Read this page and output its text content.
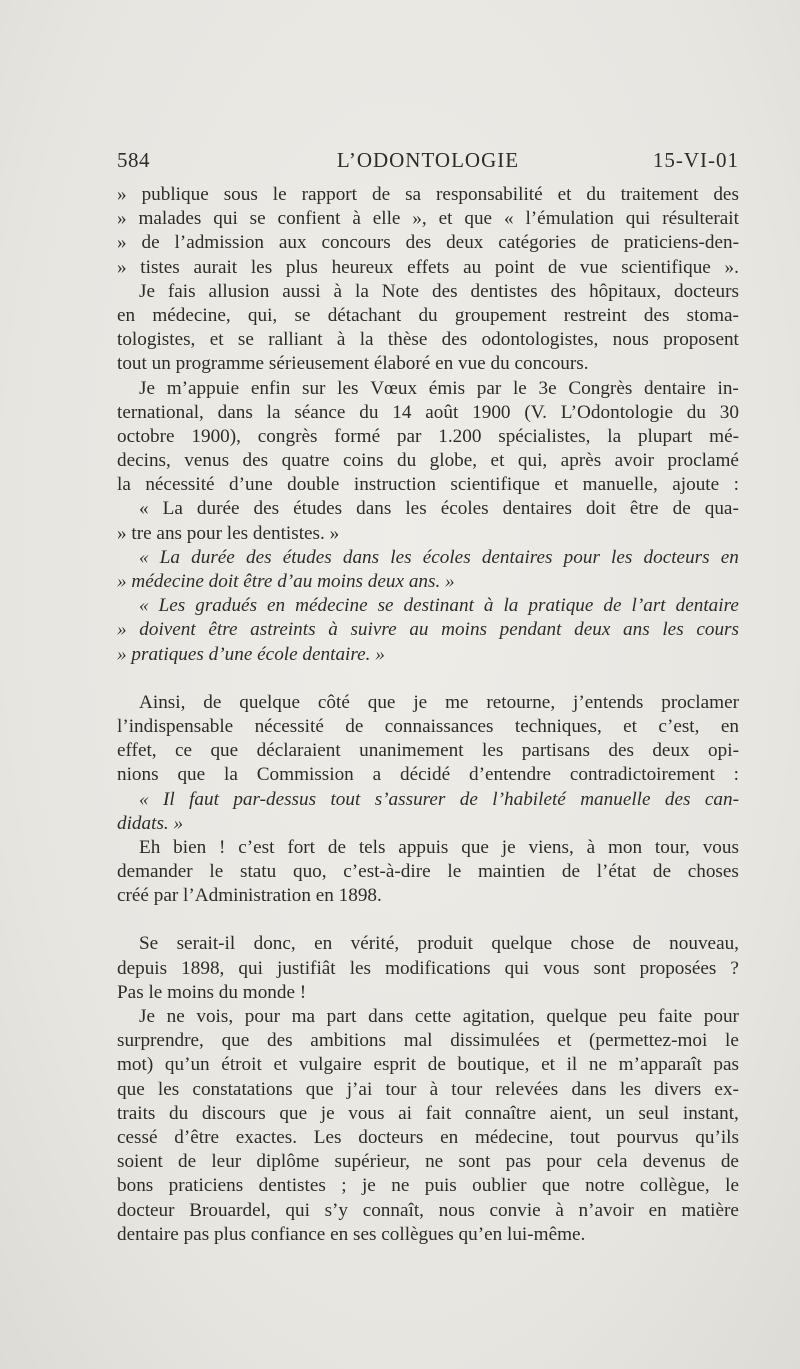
584	L’ODONTOLOGIE	15-VI-01
» publique sous le rapport de sa responsabilité et du traitement des
» malades qui se confient à elle », et que « l’émulation qui résulterait
» de l’admission aux concours des deux catégories de praticiens-den-
» tistes aurait les plus heureux effets au point de vue scientifique ».
Je fais allusion aussi à la Note des dentistes des hôpitaux, docteurs
en médecine, qui, se détachant du groupement restreint des stoma-
tologistes, et se ralliant à la thèse des odontologistes, nous proposent
tout un programme sérieusement élaboré en vue du concours.
Je m’appuie enfin sur les Vœux émis par le 3e Congrès dentaire in-
ternational, dans la séance du 14 août 1900 (V. L’Odontologie du 30
octobre 1900), congrès formé par 1.200 spécialistes, la plupart mé-
decins, venus des quatre coins du globe, et qui, après avoir proclamé
la nécessité d’une double instruction scientifique et manuelle, ajoute :
« La durée des études dans les écoles dentaires doit être de qua-
» tre ans pour les dentistes. »
« La durée des études dans les écoles dentaires pour les docteurs en
» médecine doit être d’au moins deux ans. »
« Les gradués en médecine se destinant à la pratique de l’art dentaire
» doivent être astreints à suivre au moins pendant deux ans les cours
» pratiques d’une école dentaire. »
Ainsi, de quelque côté que je me retourne, j’entends proclamer
l’indispensable nécessité de connaissances techniques, et c’est, en
effet, ce que déclaraient unanimement les partisans des deux opi-
nions que la Commission a décidé d’entendre contradictoirement :
« Il faut par-dessus tout s’assurer de l’habileté manuelle des can-
didats. »
Eh bien ! c’est fort de tels appuis que je viens, à mon tour, vous
demander le statu quo, c’est-à-dire le maintien de l’état de choses
créé par l’Administration en 1898.
Se serait-il donc, en vérité, produit quelque chose de nouveau,
depuis 1898, qui justifiât les modifications qui vous sont proposées ?
Pas le moins du monde !
Je ne vois, pour ma part dans cette agitation, quelque peu faite pour
surprendre, que des ambitions mal dissimulées et (permettez-moi le
mot) qu’un étroit et vulgaire esprit de boutique, et il ne m’apparaît pas
que les constatations que j’ai tour à tour relevées dans les divers ex-
traits du discours que je vous ai fait connaître aient, un seul instant,
cessé d’être exactes. Les docteurs en médecine, tout pourvus qu’ils
soient de leur diplôme supérieur, ne sont pas pour cela devenus de
bons praticiens dentistes ; je ne puis oublier que notre collègue, le
docteur Brouardel, qui s’y connaît, nous convie à n’avoir en matière
dentaire pas plus confiance en ses collègues qu’en lui-même.
